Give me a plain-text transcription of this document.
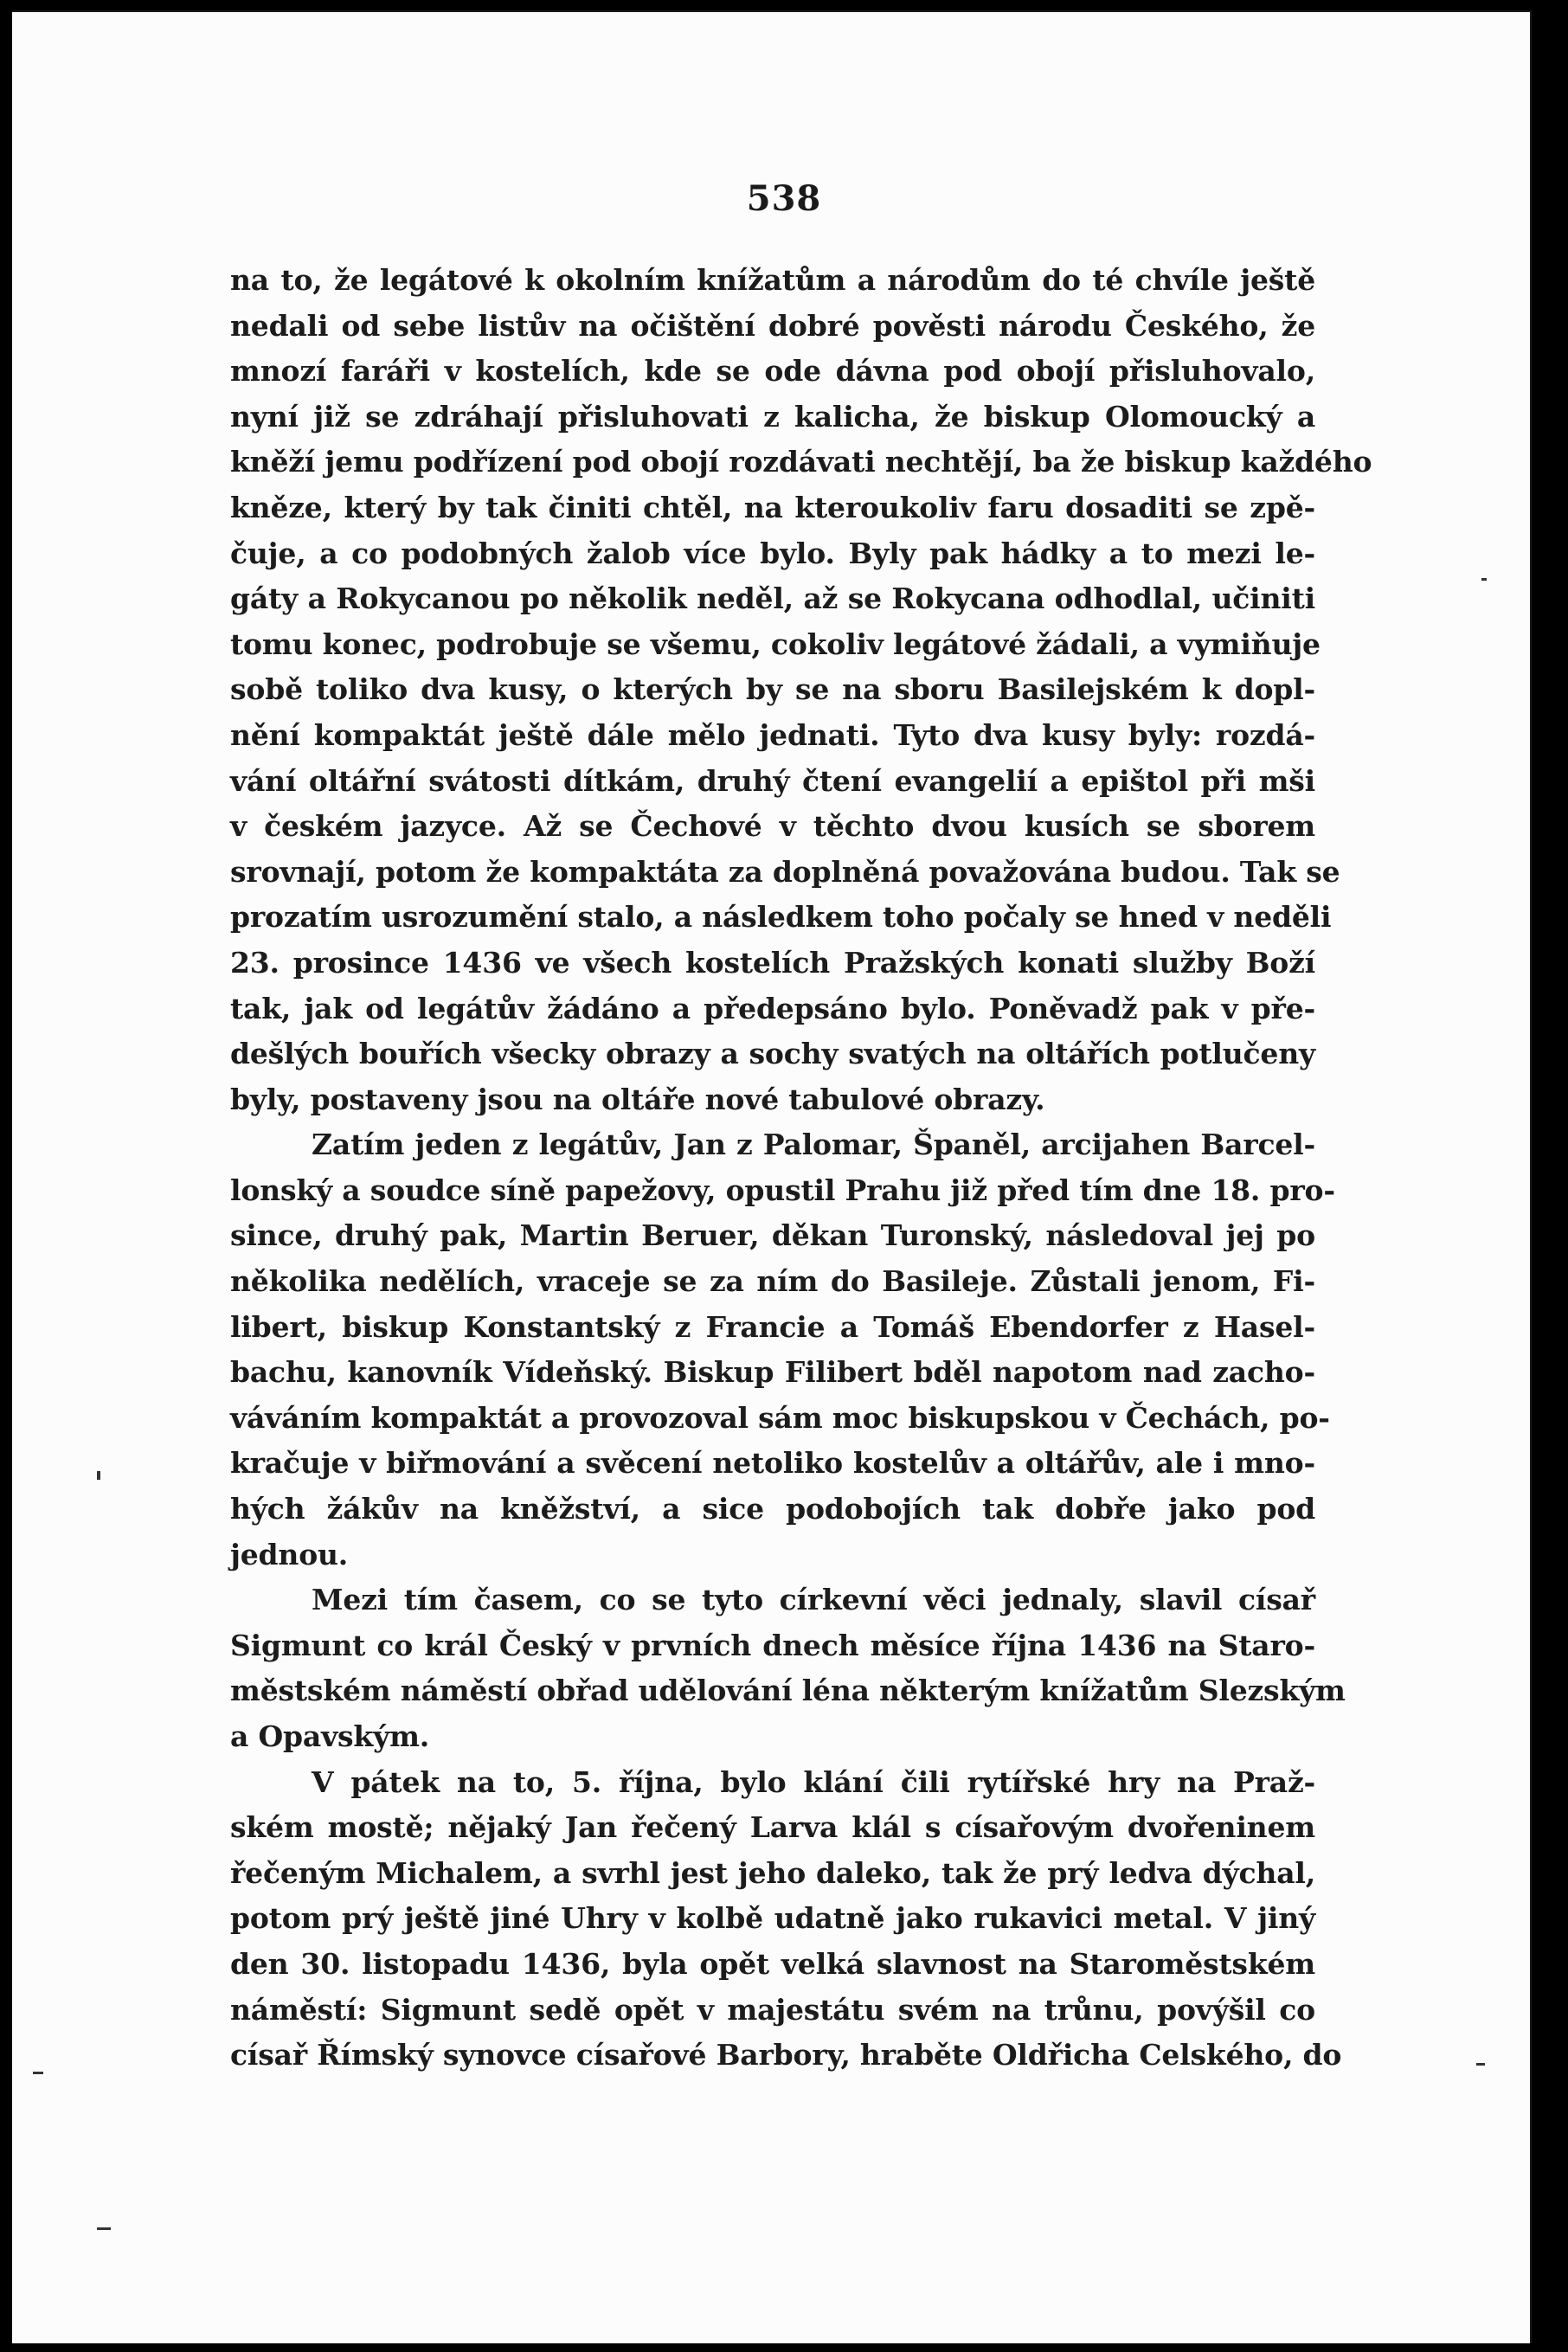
538
na to, že legátové k okolním knížatům a národům do té chvíle ještě
nedali od sebe listův na očištění dobré pověsti národu Českého, že
mnozí faráři v kostelích, kde se ode dávna pod obojí přisluhovalo,
nyní již se zdráhají přisluhovati z kalicha, že biskup Olomoucký a
kněží jemu podřízení pod obojí rozdávati nechtějí, ba že biskup každého
kněze, který by tak činiti chtěl, na kteroukoliv faru dosaditi se zpě-
čuje, a co podobných žalob více bylo. Byly pak hádky a to mezi le-
gáty a Rokycanou po několik neděl, až se Rokycana odhodlal, učiniti
tomu konec, podrobuje se všemu, cokoliv legátové žádali, a vymiňuje
sobě toliko dva kusy, o kterých by se na sboru Basilejském k dopl-
nění kompaktát ještě dále mělo jednati. Tyto dva kusy byly: rozdá-
vání oltářní svátosti dítkám, druhý čtení evangelií a epištol při mši
v českém jazyce. Až se Čechové v těchto dvou kusích se sborem
srovnají, potom že kompaktáta za doplněná považována budou. Tak se
prozatím usrozumění stalo, a následkem toho počaly se hned v neděli
23. prosince 1436 ve všech kostelích Pražských konati služby Boží
tak, jak od legátův žádáno a předepsáno bylo. Poněvadž pak v pře-
dešlých bouřích všecky obrazy a sochy svatých na oltářích potlučeny
byly, postaveny jsou na oltáře nové tabulové obrazy.
Zatím jeden z legátův, Jan z Palomar, Španěl, arcijahen Barcel-
lonský a soudce síně papežovy, opustil Prahu již před tím dne 18. pro-
since, druhý pak, Martin Beruer, děkan Turonský, následoval jej po
několika nedělích, vraceje se za ním do Basileje. Zůstali jenom, Fi-
libert, biskup Konstantský z Francie a Tomáš Ebendorfer z Hasel-
bachu, kanovník Vídeňský. Biskup Filibert bděl napotom nad zacho-
váváním kompaktát a provozoval sám moc biskupskou v Čechách, po-
kračuje v biřmování a svěcení netoliko kostelův a oltářův, ale i mno-
hých žákův na kněžství, a sice podobojích tak dobře jako pod
jednou.
Mezi tím časem, co se tyto církevní věci jednaly, slavil císař
Sigmunt co král Český v prvních dnech měsíce října 1436 na Staro-
městském náměstí obřad udělování léna některým knížatům Slezským
a Opavským.
V pátek na to, 5. října, bylo klání čili rytířské hry na Praž-
ském mostě; nějaký Jan řečený Larva klál s císařovým dvořeninem
řečeným Michalem, a svrhl jest jeho daleko, tak že prý ledva dýchal,
potom prý ještě jiné Uhry v kolbě udatně jako rukavici metal. V jiný
den 30. listopadu 1436, byla opět velká slavnost na Staroměstském
náměstí: Sigmunt sedě opět v majestátu svém na trůnu, povýšil co
císař Římský synovce císařové Barbory, hraběte Oldřicha Celského, do
